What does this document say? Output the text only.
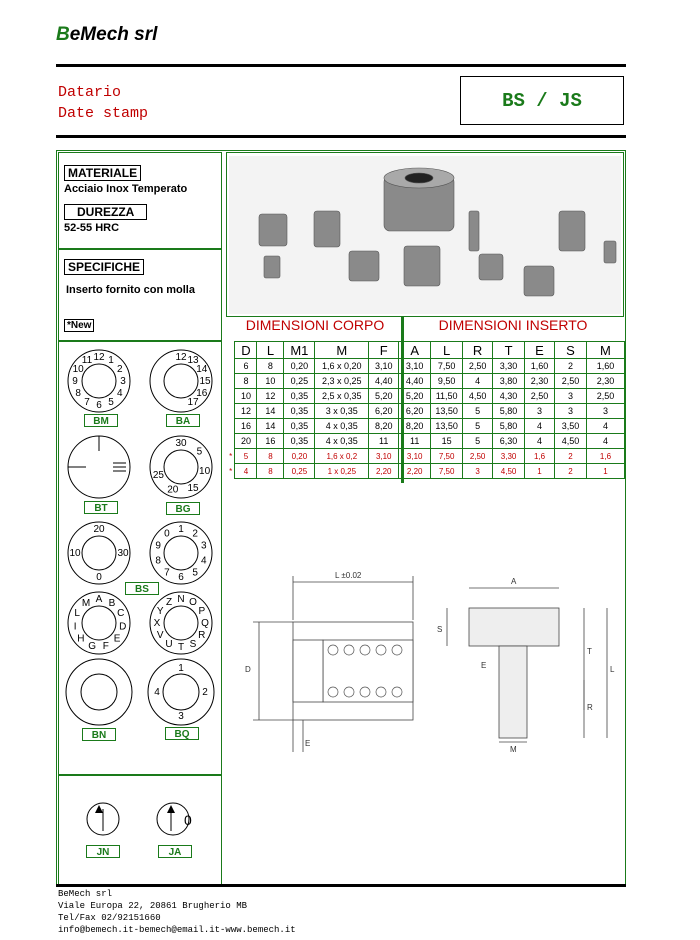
BeMech srl
Datario
Date stamp
BS / JS
MATERIALE
Acciaio Inox Temperato
DUREZZA
52-55 HRC
SPECIFICHE
Inserto fornito con molla
*New
12 1
2
3
4
5
6
7
8
9
10
11	12 13
14
15
16
17
30
5
10
15
20
25
20
30
0
10
1 2
3
4
5
6
7
8
9
0
A B
C
D
E
F
G
H
I
L
M	N O
P
Q
R
S
T
U
V
X
Y
Z
1
2
3
4
0
BM	BA
BT	BG
BS
BN	BQ
JN	JA
DIMENSIONI CORPO	DIMENSIONI INSERTO
	D	L	M1	M	F	A	L	R	T	E	S	M
	6	8	0,20	1,6 x 0,20	3,10	3,10	7,50	2,50	3,30	1,60	2	1,60
	8	10	0,25	2,3 x 0,25	4,40	4,40	9,50	4	3,80	2,30	2,50	2,30
	10	12	0,35	2,5 x 0,35	5,20	5,20	11,50	4,50	4,30	2,50	3	2,50
	12	14	0,35	3 x 0,35	6,20	6,20	13,50	5	5,80	3	3	3
	16	14	0,35	4 x 0,35	8,20	8,20	13,50	5	5,80	4	3,50	4
	20	16	0,35	4 x 0,35	11	11	15	5	6,30	4	4,50	4
*	5	8	0,20	1,6 x 0,2	3,10	3,10	7,50	2,50	3,30	1,6	2	1,6
*	4	8	0,25	1 x 0,25	2,20	2,20	7,50	3	4,50	1	2	1
L ±0.02
D
E
A
S
T
L
R
E
M
BeMech srl
Viale Europa 22, 20861 Brugherio MB
Tel/Fax 02/92151660
info@bemech.it-bemech@email.it-www.bemech.it
